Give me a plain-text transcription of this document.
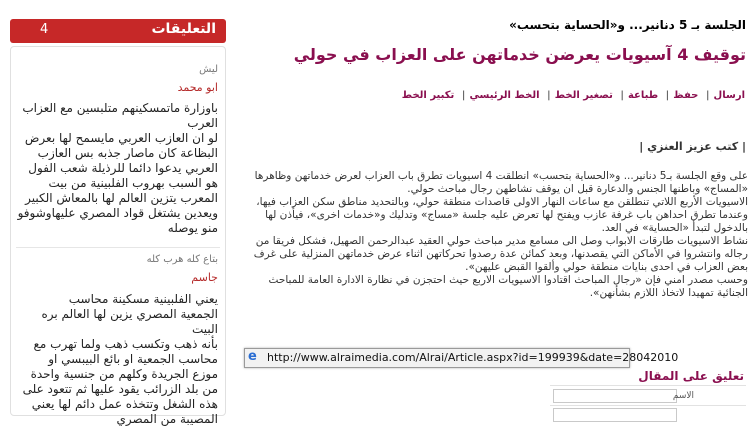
التعليقات
4
ليش
ابو محمد
باوزارة ماتمسكينهم متلبسين مع العزاب
العرب
لو ان العازب العربي مايسمح لها بعرض
البظاعة كان ماصار جذبه بس العازب
العربي يدعوا دائما للرذيلة شعب الفول
هو السبب بهروب الفلبينية من بيت
المعرب يتزين العالم لها بالمعاش الكبير
ويعدين يشتغل قواد المصري عليهاوشوفو
منو يوصله
بتاع كله هرب كله
جاسم
يعني الفلبينية مسكينة محاسب
الجمعية المصري يزين لها العالم بره البيت
بأنه ذهب وتكسب ذهب ولما تهرب مع
محاسب الجمعية او بائع البيبسي او
موزع الجريدة وكلهم من جنسية واحدة
من بلد الزرائب يقود عليها ثم تتعود على
هذه الشغل وتتخذه عمل دائم لها يعني
المصيبة من المصري
الجلسة بـ 5 دنانير... و«الحساية بتحسب»
توقيف 4 آسيويات يعرضن خدماتهن على العزاب في حولي
ارسال| حفظ| طباعة| تصغير الخط| الخط الرئيسي| تكبير الخط
| كتب عزيز العنزي |

على وقع الجلسة بـ5 دنانير... و«الحساية بتحسب» انطلقت 4 اسيويات تطرق باب العزاب لعرض خدماتهن وظاهرها «المساج» وباطنها الجنس والدعارة قبل ان يوقف نشاطهن رجال مباحث حولي.

الاسيويات الأربع اللاتي تنطلقن مع ساعات النهار الاولى قاصدات منطقة حولي، وبالتحديد مناطق سكن العزاب فيها، وعندما تطرق احداهن باب غرفة عازب ويفتح لها تعرض عليه جلسة «مساج» وتدليك و«خدمات اخرى»، فيأذن لها بالدخول لتبدأ «الحساية» في العد.

نشاط الاسيويات طارقات الابواب وصل الى مسامع مدير مباحث حولي العقيد عبدالرحمن الصهيل، فشكل فريقا من رجاله وانتشروا في الأماكن التي يقصدنها، وبعد كمائن عدة رصدوا تحركاتهن اثناء عرض خدماتهن المنزلية على غرف بعض العزاب في احدى بنايات منطقة حولي وألقوا القبض عليهن».

وحسب مصدر امني فإن «رجال المباحث اقتادوا الاسيويات الاربع حيث احتجزن في نظارة الادارة العامة للمباحث الجنائية تمهيدا لاتخاذ اللازم بشأنهن».

تعليق على المقال
الاسم
e http://www.alraimedia.com/Alrai/Article.aspx?id=199939&date=28042010
